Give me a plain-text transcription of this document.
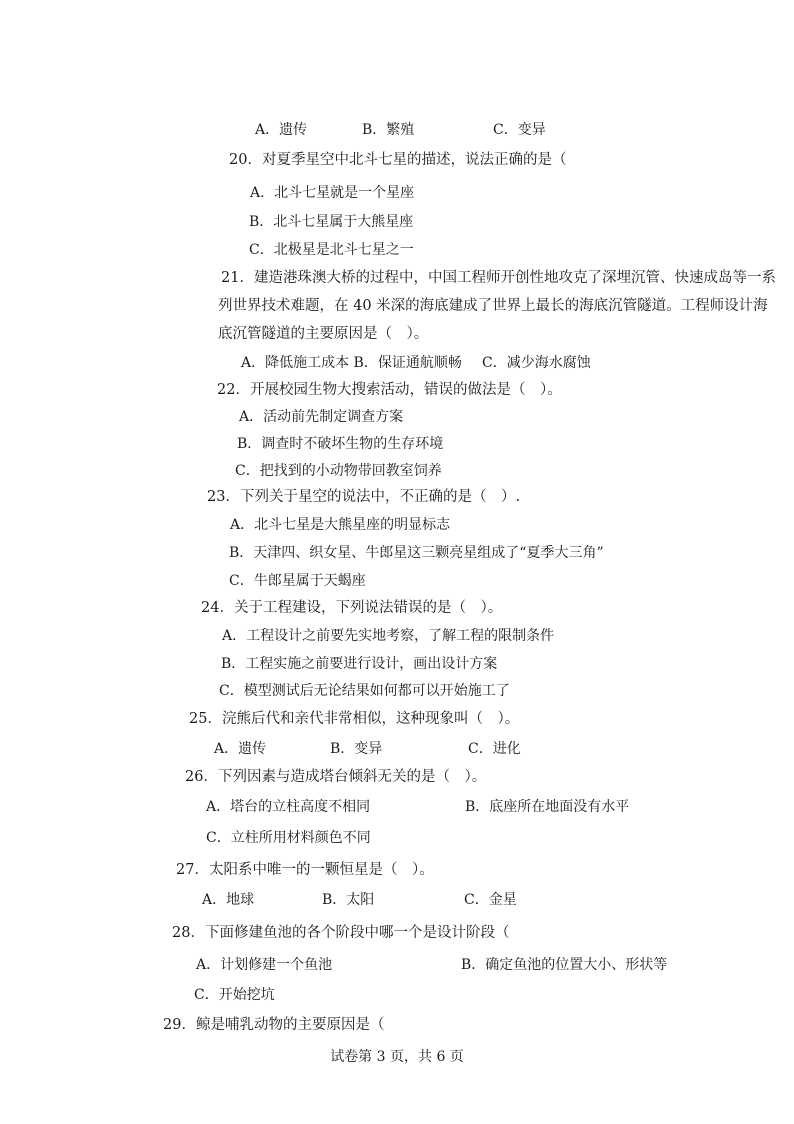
A．遗传	B．繁殖	C．变异
20．对夏季星空中北斗七星的描述，说法正确的是（
A．北斗七星就是一个星座
B．北斗七星属于大熊星座
C．北极星是北斗七星之一
21．建造港珠澳大桥的过程中，中国工程师开创性地攻克了深埋沉管、快速成岛等一系
列世界技术难题，在 40 米深的海底建成了世界上最长的海底沉管隧道。工程师设计海
底沉管隧道的主要原因是（　）。
A．降低施工成本 B．保证通航顺畅 C．减少海水腐蚀
22．开展校园生物大搜索活动，错误的做法是（　）。
A．活动前先制定调查方案
B．调查时不破坏生物的生存环境
C．把找到的小动物带回教室饲养
23．下列关于星空的说法中，不正确的是（　）.
A．北斗七星是大熊星座的明显标志
B．天津四、织女星、牛郎星这三颗亮星组成了“夏季大三角”
C．牛郎星属于天蝎座
24．关于工程建设，下列说法错误的是（　）。
A．工程设计之前要先实地考察，了解工程的限制条件
B．工程实施之前要进行设计，画出设计方案
C．模型测试后无论结果如何都可以开始施工了
25．浣熊后代和亲代非常相似，这种现象叫（　）。
A．遗传	B．变异	C．进化
26．下列因素与造成塔台倾斜无关的是（　）。
A．塔台的立柱高度不相同	B．底座所在地面没有水平
C．立柱所用材料颜色不同
27．太阳系中唯一的一颗恒星是（　）。
A．地球	B．太阳	C．金星
28．下面修建鱼池的各个阶段中哪一个是设计阶段（
A．计划修建一个鱼池	B．确定鱼池的位置大小、形状等
C．开始挖坑
29．鲸是哺乳动物的主要原因是（
试卷第 3 页，共 6 页
